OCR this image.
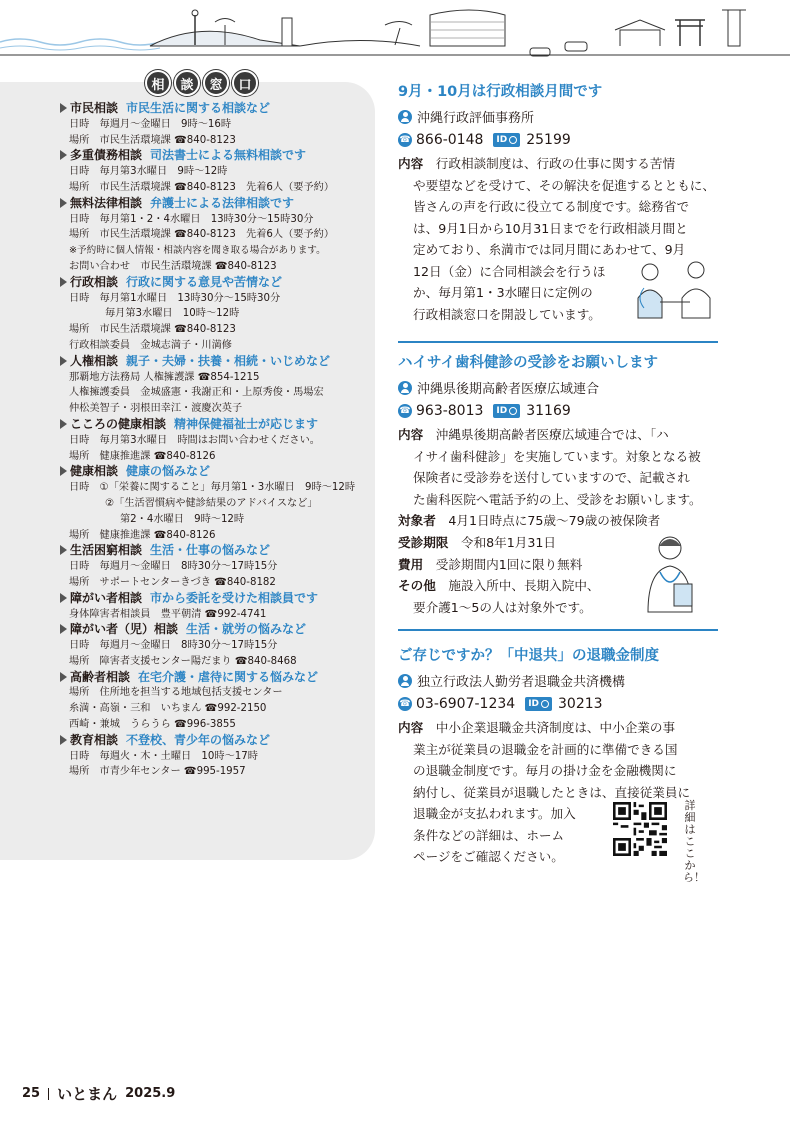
相	談	窓	口
市民相談 市民生活に関する相談など
日時　毎週月～金曜日　9時～16時
場所　市民生活環境課 ☎840-8123
多重債務相談 司法書士による無料相談です
日時　毎月第3水曜日　9時～12時
場所　市民生活環境課 ☎840-8123　先着6人（要予約）
無料法律相談 弁護士による法律相談です
日時　毎月第1・2・4水曜日　13時30分～15時30分
場所　市民生活環境課 ☎840-8123　先着6人（要予約）
※予約時に個人情報・相談内容を聞き取る場合があります。
お問い合わせ　市民生活環境課 ☎840-8123
行政相談 行政に関する意見や苦情など
日時　毎月第1水曜日　13時30分～15時30分
毎月第3水曜日　10時～12時
場所　市民生活環境課 ☎840-8123
行政相談委員　金城志満子・川満修
人権相談 親子・夫婦・扶養・相続・いじめなど
那覇地方法務局 人権擁護課 ☎854-1215
人権擁護委員　金城盛憲・我謝正和・上原秀俊・馬場宏
仲松美智子・羽根田幸江・渡慶次英子
こころの健康相談 精神保健福祉士が応じます
日時　毎月第3水曜日　時間はお問い合わせください。
場所　健康推進課 ☎840-8126
健康相談 健康の悩みなど
日時　①「栄養に関すること」毎月第1・3水曜日　9時～12時
②「生活習慣病や健診結果のアドバイスなど」
第2・4水曜日　9時～12時
場所　健康推進課 ☎840-8126
生活困窮相談 生活・仕事の悩みなど
日時　毎週月～金曜日　8時30分～17時15分
場所　サポートセンターきづき ☎840-8182
障がい者相談 市から委託を受けた相談員です
身体障害者相談員　豊平朝清 ☎992-4741
障がい者（児）相談 生活・就労の悩みなど
日時　毎週月～金曜日　8時30分～17時15分
場所　障害者支援センター陽だまり ☎840-8468
高齢者相談 在宅介護・虐待に関する悩みなど
場所　住所地を担当する地域包括支援センター
糸満・高嶺・三和　いちまん ☎992-2150
西崎・兼城　うらうら ☎996-3855
教育相談 不登校、青少年の悩みなど
日時　毎週火・木・土曜日　10時～17時
場所　市青少年センター ☎995-1957
9月・10月は行政相談月間です
沖縄行政評価事務所
☎ 866-0148 ID 25199
内容　 行政相談制度は、行政の仕事に関する苦情
や要望などを受けて、その解決を促進するとともに、
皆さんの声を行政に役立てる制度です。総務省で
は、9月1日から10月31日までを行政相談月間と
定めており、糸満市では同月間にあわせて、9月
12日（金）に合同相談会を行うほ
か、毎月第1・3水曜日に定例の
行政相談窓口を開設しています。
ハイサイ歯科健診の受診をお願いします
沖縄県後期高齢者医療広域連合
☎ 963-8013 ID 31169
内容　 沖縄県後期高齢者医療広域連合では、「ハ
イサイ歯科健診」を実施しています。対象となる被
保険者に受診券を送付していますので、記載され
た歯科医院へ電話予約の上、受診をお願いします。
対象者　 4月1日時点に75歳～79歳の被保険者
受診期限　 令和8年1月31日
費用　 受診期間内1回に限り無料
その他　 施設入所中、長期入院中、
要介護1～5の人は対象外です。
ご存じですか？「中退共」の退職金制度
独立行政法人勤労者退職金共済機構
☎ 03-6907-1234 ID 30213
内容　 中小企業退職金共済制度は、中小企業の事
業主が従業員の退職金を計画的に準備できる国
の退職金制度です。毎月の掛け金を金融機関に
納付し、従業員が退職したときは、直接従業員に
退職金が支払われます。加入
条件などの詳細は、ホーム
ページをご確認ください。
詳細はここから！
25 いとまん 2025.9
